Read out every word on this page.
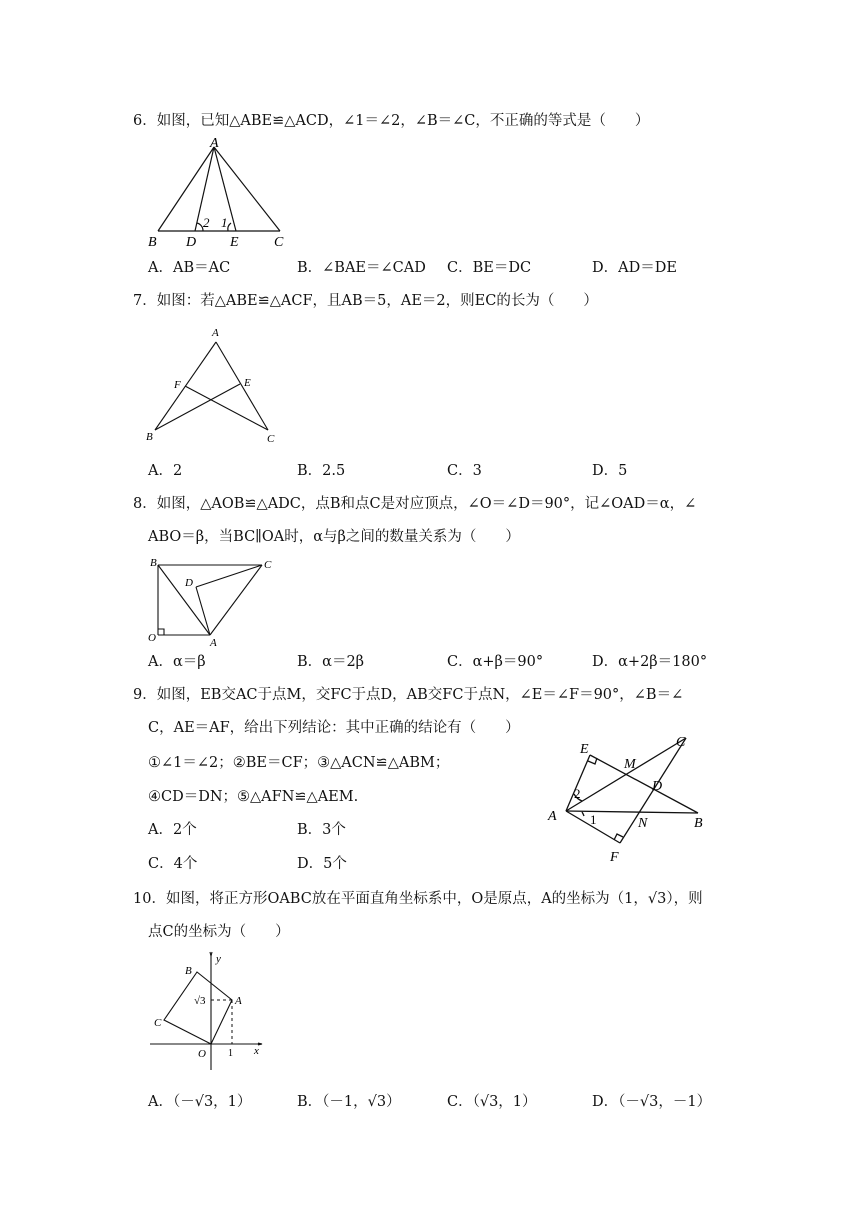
6．如图，已知△ABE≌△ACD，∠1＝∠2，∠B＝∠C，不正确的等式是（　　）
A
B D E	C
2 1
A．AB＝AC	B．∠BAE＝∠CAD C．BE＝DC	D．AD＝DE
7．如图：若△ABE≌△ACF，且AB＝5，AE＝2，则EC的长为（　　）
A
F	E
B	C
A．2	B．2.5	C．3	D．5
8．如图，△AOB≌△ADC，点B和点C是对应顶点，∠O＝∠D＝90°，记∠OAD＝α，∠
ABO＝β，当BC∥OA时，α与β之间的数量关系为（　　）
B	C
D
O	A
A．α＝β	B．α＝2β	C．α+β＝90°	D．α+2β＝180°
9．如图，EB交AC于点M，交FC于点D，AB交FC于点N，∠E＝∠F＝90°，∠B＝∠
C，AE＝AF，给出下列结论：其中正确的结论有（　　）
①∠1＝∠2；②BE＝CF；③△ACN≌△ABM；
④CD＝DN；⑤△AFN≌△AEM.
A．2个	B．3个
C．4个	D．5个
E
M
C
D
A	N	B
F
2
1
10．如图，将正方形OABC放在平面直角坐标系中，O是原点，A的坐标为（1，√3），则
点C的坐标为（　　）
y
x
B
A
C
O 1
√3
A．（－√3，1）	B．（－1，√3）	C．（√3，1）	D．（－√3，－1）
